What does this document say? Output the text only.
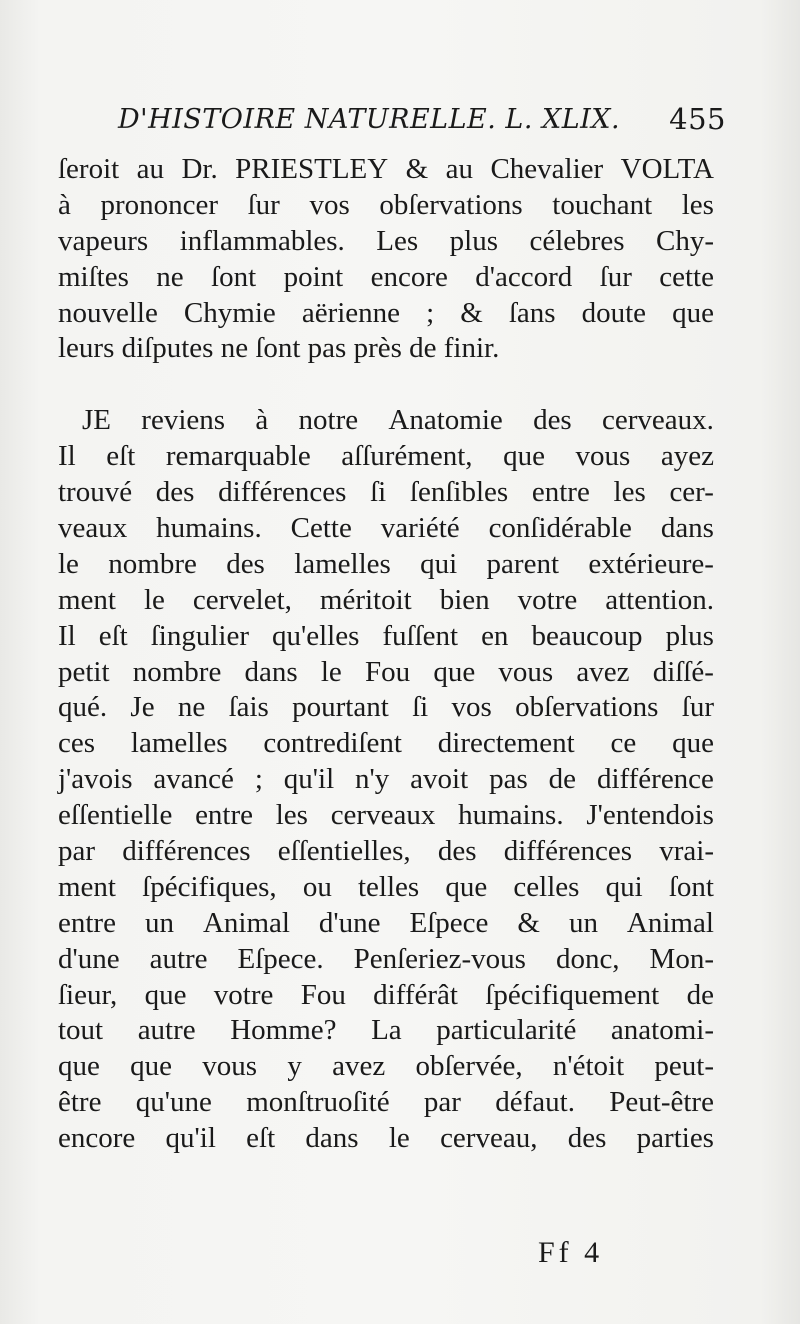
D'HISTOIRE NATURELLE. L. XLIX. 455
ſeroit au Dr. PRIESTLEY & au Chevalier VOLTA
à prononcer ſur vos obſervations touchant les
vapeurs inflammables. Les plus célebres Chy-
miſtes ne ſont point encore d'accord ſur cette
nouvelle Chymie aërienne ; & ſans doute que
leurs diſputes ne ſont pas près de finir.
JE reviens à notre Anatomie des cerveaux.
Il eſt remarquable aſſurément, que vous ayez
trouvé des différences ſi ſenſibles entre les cer-
veaux humains. Cette variété conſidérable dans
le nombre des lamelles qui parent extérieure-
ment le cervelet, méritoit bien votre attention.
Il eſt ſingulier qu'elles fuſſent en beaucoup plus
petit nombre dans le Fou que vous avez diſſé-
qué. Je ne ſais pourtant ſi vos obſervations ſur
ces lamelles contrediſent directement ce que
j'avois avancé ; qu'il n'y avoit pas de différence
eſſentielle entre les cerveaux humains. J'entendois
par différences eſſentielles, des différences vrai-
ment ſpécifiques, ou telles que celles qui ſont
entre un Animal d'une Eſpece & un Animal
d'une autre Eſpece. Penſeriez-vous donc, Mon-
ſieur, que votre Fou différât ſpécifiquement de
tout autre Homme? La particularité anatomi-
que que vous y avez obſervée, n'étoit peut-
être qu'une monſtruoſité par défaut. Peut-être
encore qu'il eſt dans le cerveau, des parties
Ff 4
